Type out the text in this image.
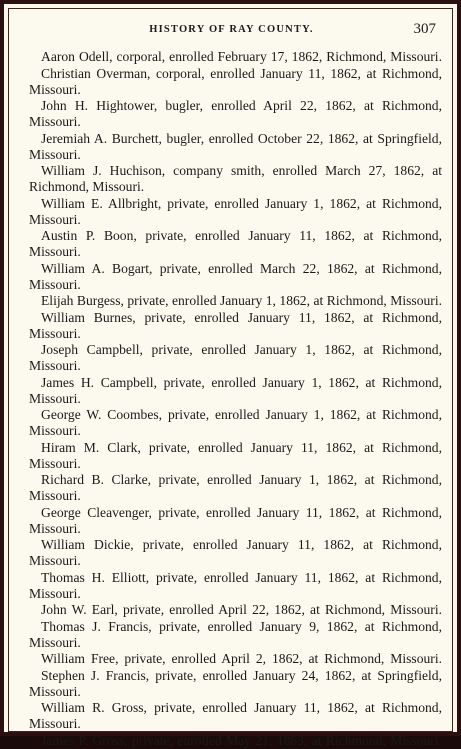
HISTORY OF RAY COUNTY.	307

Aaron Odell, corporal, enrolled February 17, 1862, Richmond, Missouri.

Christian Overman, corporal, enrolled January 11, 1862, at Richmond, Missouri.

John H. Hightower, bugler, enrolled April 22, 1862, at Richmond, Missouri.

Jeremiah A. Burchett, bugler, enrolled October 22, 1862, at Springfield, Missouri.

William J. Huchison, company smith, enrolled March 27, 1862, at Richmond, Missouri.

William E. Allbright, private, enrolled January 1, 1862, at Richmond, Missouri.

Austin P. Boon, private, enrolled January 11, 1862, at Richmond, Missouri.

William A. Bogart, private, enrolled March 22, 1862, at Richmond, Missouri.

Elijah Burgess, private, enrolled January 1, 1862, at Richmond, Missouri.

William Burnes, private, enrolled January 11, 1862, at Richmond, Missouri.

Joseph Campbell, private, enrolled January 1, 1862, at Richmond, Missouri.

James H. Campbell, private, enrolled January 1, 1862, at Richmond, Missouri.

George W. Coombes, private, enrolled January 1, 1862, at Richmond, Missouri.

Hiram M. Clark, private, enrolled January 11, 1862, at Richmond, Missouri.

Richard B. Clarke, private, enrolled January 1, 1862, at Richmond, Missouri.

George Cleavenger, private, enrolled January 11, 1862, at Richmond, Missouri.

William Dickie, private, enrolled January 11, 1862, at Richmond, Missouri.

Thomas H. Elliott, private, enrolled January 11, 1862, at Richmond, Missouri.

John W. Earl, private, enrolled April 22, 1862, at Richmond, Missouri.

Thomas J. Francis, private, enrolled January 9, 1862, at Richmond, Missouri.

William Free, private, enrolled April 2, 1862, at Richmond, Missouri.

Stephen J. Francis, private, enrolled January 24, 1862, at Springfield, Missouri.

William R. Gross, private, enrolled January 11, 1862, at Richmond, Missouri.

James P. Gross, private, enrolled May 21, 1863, at Richmond, Missouri.
